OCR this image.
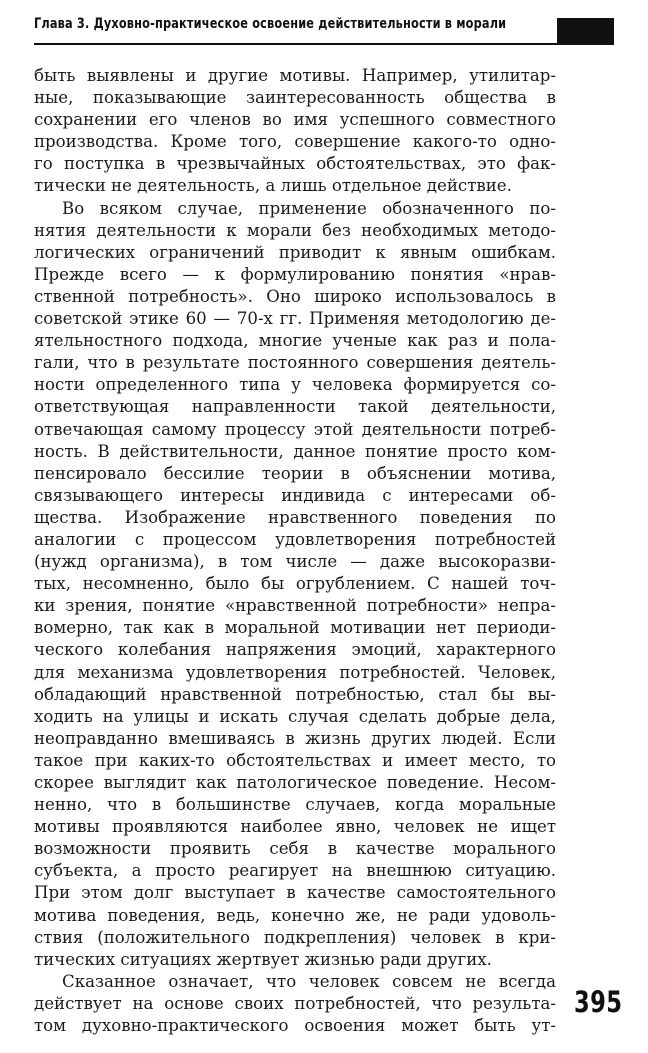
Глава 3. Духовно-практическое освоение действительности в морали
быть выявлены и другие мотивы. Например, утилитар-
ные, показывающие заинтересованность общества в
сохранении его членов во имя успешного совместного
производства. Кроме того, совершение какого-то одно-
го поступка в чрезвычайных обстоятельствах, это фак-
тически не деятельность, а лишь отдельное действие.
Во всяком случае, применение обозначенного по-
нятия деятельности к морали без необходимых методо-
логических ограничений приводит к явным ошибкам.
Прежде всего — к формулированию понятия «нрав-
ственной потребность». Оно широко использовалось в
советской этике 60 — 70-х гг. Применяя методологию де-
ятельностного подхода, многие ученые как раз и пола-
гали, что в результате постоянного совершения деятель-
ности определенного типа у человека формируется со-
ответствующая направленности такой деятельности,
отвечающая самому процессу этой деятельности потреб-
ность. В действительности, данное понятие просто ком-
пенсировало бессилие теории в объяснении мотива,
связывающего интересы индивида с интересами об-
щества. Изображение нравственного поведения по
аналогии с процессом удовлетворения потребностей
(нужд организма), в том числе — даже высокоразви-
тых, несомненно, было бы огрублением. С нашей точ-
ки зрения, понятие «нравственной потребности» непра-
вомерно, так как в моральной мотивации нет периоди-
ческого колебания напряжения эмоций, характерного
для механизма удовлетворения потребностей. Человек,
обладающий нравственной потребностью, стал бы вы-
ходить на улицы и искать случая сделать добрые дела,
неоправданно вмешиваясь в жизнь других людей. Если
такое при каких-то обстоятельствах и имеет место, то
скорее выглядит как патологическое поведение. Несом-
ненно, что в большинстве случаев, когда моральные
мотивы проявляются наиболее явно, человек не ищет
возможности проявить себя в качестве морального
субъекта, а просто реагирует на внешнюю ситуацию.
При этом долг выступает в качестве самостоятельного
мотива поведения, ведь, конечно же, не ради удоволь-
ствия (положительного подкрепления) человек в кри-
тических ситуациях жертвует жизнью ради других.
Сказанное означает, что человек совсем не всегда
действует на основе своих потребностей, что результа-
том духовно-практического освоения может быть ут-
395
